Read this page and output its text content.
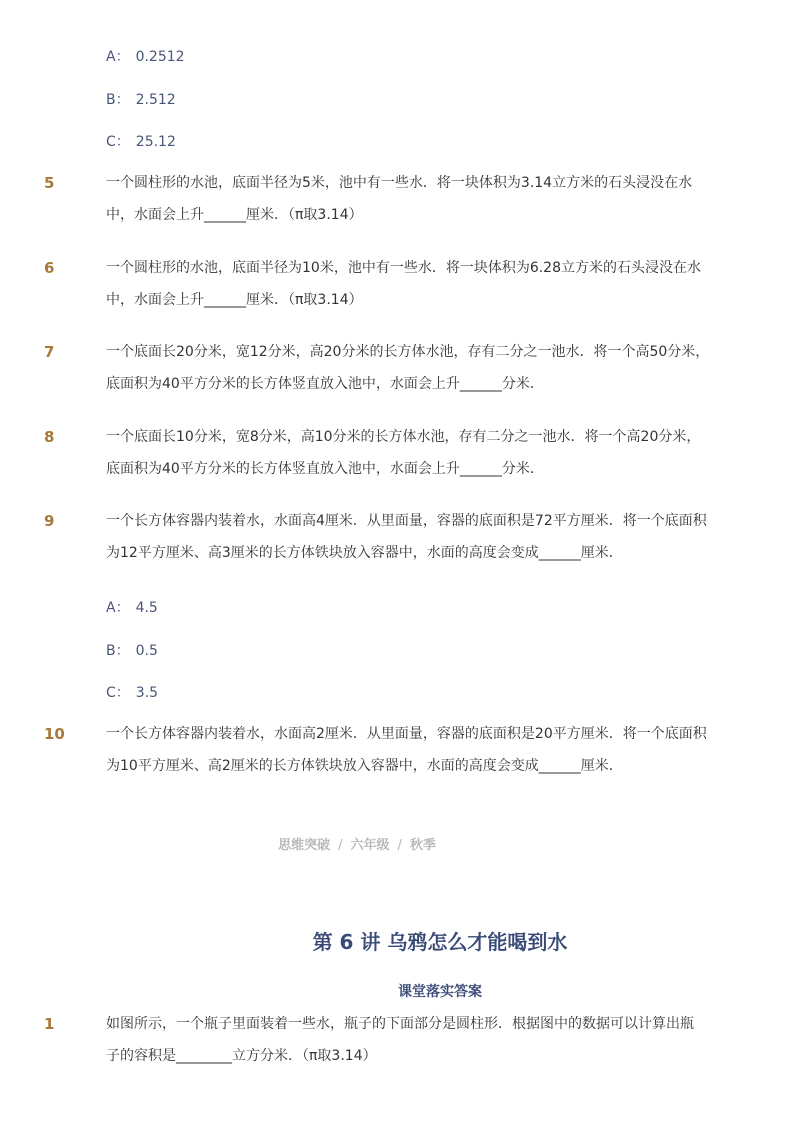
A： 0.2512
B： 2.512
C： 25.12
5	一个圆柱形的水池，底面半径为5米，池中有一些水．将一块体积为3.14立方米的石头浸没在水
中，水面会上升______厘米．（π取3.14）
6	一个圆柱形的水池，底面半径为10米，池中有一些水．将一块体积为6.28立方米的石头浸没在水
中，水面会上升______厘米．（π取3.14）
7	一个底面长20分米，宽12分米，高20分米的长方体水池，存有二分之一池水．将一个高50分米，
底面积为40平方分米的长方体竖直放入池中，水面会上升______分米．
8	一个底面长10分米，宽8分米，高10分米的长方体水池，存有二分之一池水．将一个高20分米，
底面积为40平方分米的长方体竖直放入池中，水面会上升______分米．
9	一个长方体容器内装着水，水面高4厘米．从里面量，容器的底面积是72平方厘米．将一个底面积
为12平方厘米、高3厘米的长方体铁块放入容器中，水面的高度会变成______厘米．
A： 4.5
B： 0.5
C： 3.5
10	一个长方体容器内装着水，水面高2厘米．从里面量，容器的底面积是20平方厘米．将一个底面积
为10平方厘米、高2厘米的长方体铁块放入容器中，水面的高度会变成______厘米．
思维突破 / 六年级 / 秋季
第 6 讲 乌鸦怎么才能喝到水
课堂落实答案
1	如图所示，一个瓶子里面装着一些水，瓶子的下面部分是圆柱形．根据图中的数据可以计算出瓶
子的容积是________立方分米．（π取3.14）
